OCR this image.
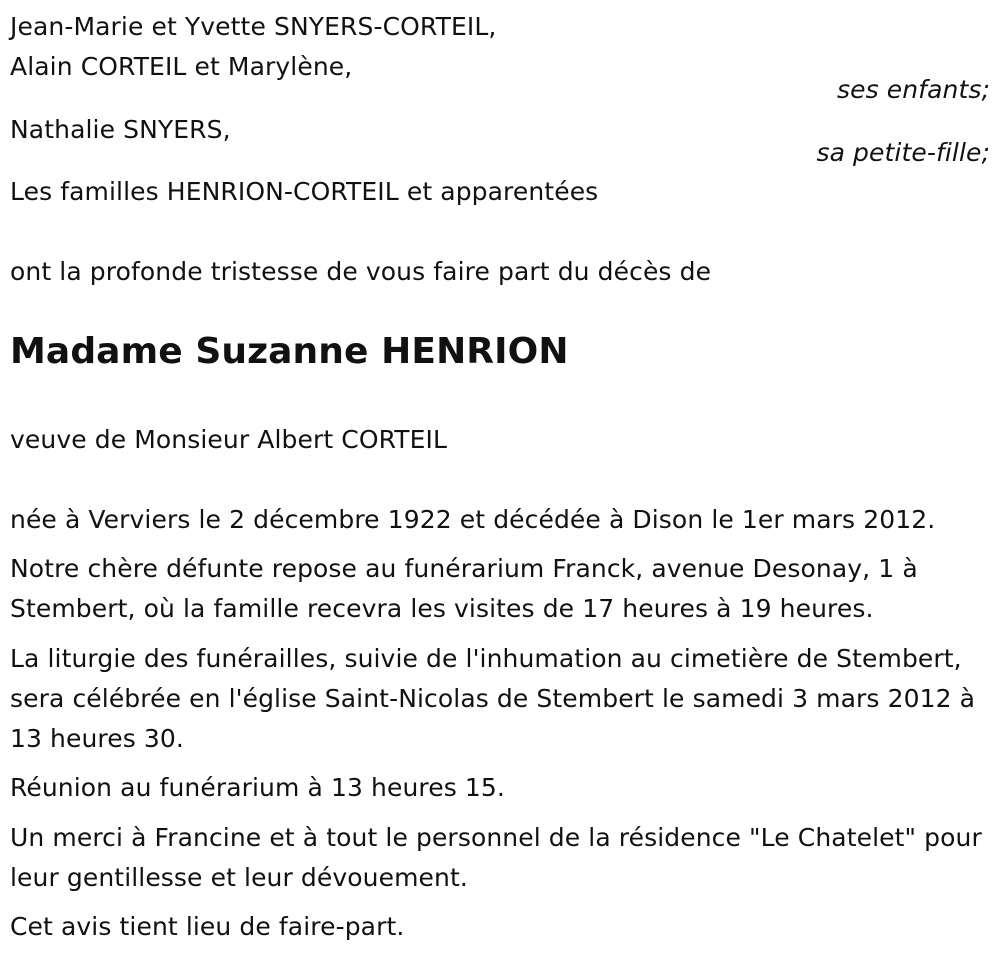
Jean-Marie et Yvette SNYERS-CORTEIL,
Alain CORTEIL et Marylène,
ses enfants;
Nathalie SNYERS,
sa petite-fille;
Les familles HENRION-CORTEIL et apparentées
ont la profonde tristesse de vous faire part du décès de
Madame Suzanne HENRION
veuve de Monsieur Albert CORTEIL
née à Verviers le 2 décembre 1922 et décédée à Dison le 1er mars 2012.
Notre chère défunte repose au funérarium Franck, avenue Desonay, 1 à Stembert, où la famille recevra les visites de 17 heures à 19 heures.
La liturgie des funérailles, suivie de l'inhumation au cimetière de Stembert, sera célébrée en l'église Saint-Nicolas de Stembert le samedi 3 mars 2012 à 13 heures 30.
Réunion au funérarium à 13 heures 15.
Un merci à Francine et à tout le personnel de la résidence "Le Chatelet" pour leur gentillesse et leur dévouement.
Cet avis tient lieu de faire-part.
